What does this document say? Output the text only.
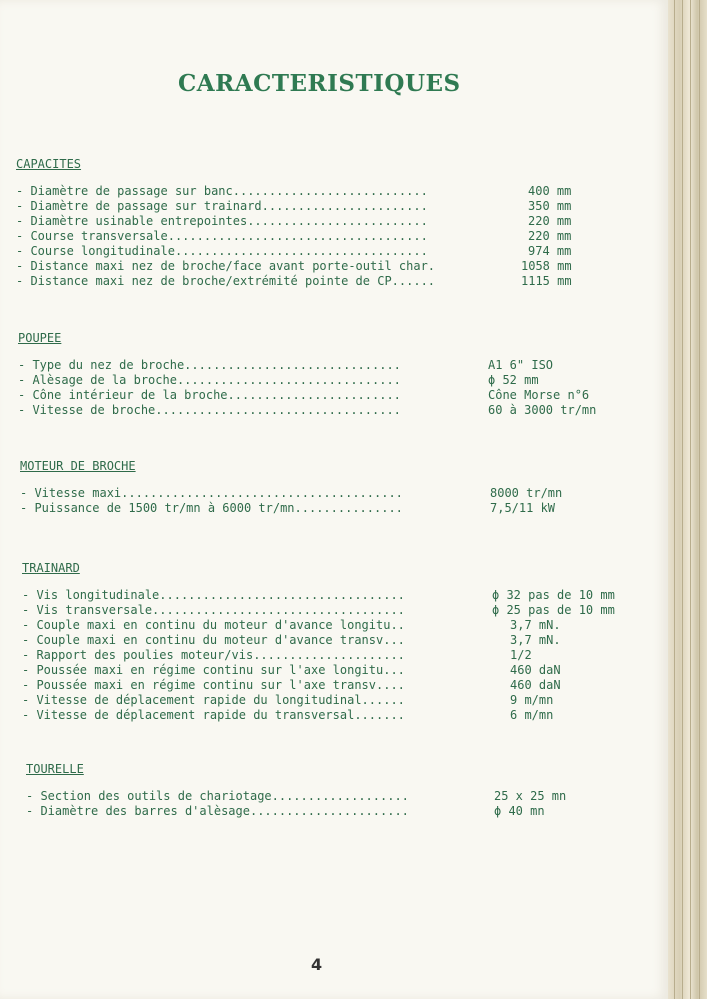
CARACTERISTIQUES
CAPACITES
- Diamètre de passage sur banc...........................	400 mm
- Diamètre de passage sur trainard.......................	350 mm
- Diamètre usinable entrepointes.........................	220 mm
- Course transversale....................................	220 mm
- Course longitudinale...................................	974 mm
- Distance maxi nez de broche/face avant porte-outil char.	1058 mm
- Distance maxi nez de broche/extrémité pointe de CP......	1115 mm
POUPEE
- Type du nez de broche..............................	A1 6" ISO
- Alèsage de la broche...............................	ϕ 52 mm
- Cône intérieur de la broche........................	Cône Morse n°6
- Vitesse de broche..................................	60 à 3000 tr/mn
MOTEUR DE BROCHE
- Vitesse maxi.......................................	8000 tr/mn
- Puissance de 1500 tr/mn à 6000 tr/mn...............	7,5/11 kW
TRAINARD
- Vis longitudinale..................................	ϕ 32 pas de 10 mm
- Vis transversale...................................	ϕ 25 pas de 10 mm
- Couple maxi en continu du moteur d'avance longitu..	3,7 mN.
- Couple maxi en continu du moteur d'avance transv...	3,7 mN.
- Rapport des poulies moteur/vis.....................	1/2
- Poussée maxi en régime continu sur l'axe longitu...	460 daN
- Poussée maxi en régime continu sur l'axe transv....	460 daN
- Vitesse de déplacement rapide du longitudinal......	9 m/mn
- Vitesse de déplacement rapide du transversal.......	6 m/mn
TOURELLE
- Section des outils de chariotage...................	25 x 25 mn
- Diamètre des barres d'alèsage......................	ϕ 40 mn
4
